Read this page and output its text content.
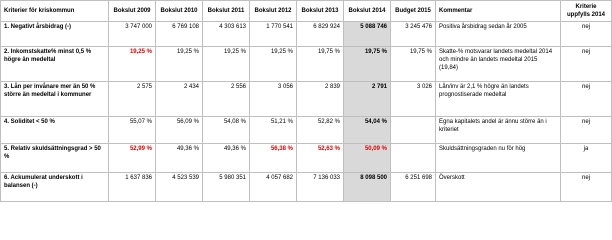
Kriterier för kriskommun	Bokslut 2009	Bokslut 2010	Bokslut 2011	Bokslut 2012	Bokslut 2013	Bokslut 2014	Budget 2015	Kommentar	Kriterie uppfylls 2014
1. Negativt årsbidrag (-)	3 747 000	6 769 108	4 303 613	1 770 541	6 829 924	5 088 746	3 245 476	Positiva årsbidrag sedan år 2005	nej
2. Inkomstskatte% minst 0,5 % högre än medeltal	19,25 %	19,25 %	19,25 %	19,25 %	19,75 %	19,75 %	19,75 %	Skatte-% motsvarar landets medeltal 2014 och mindre än landets medeltal 2015 (19,84)	nej
3. Lån per invånare mer än 50 % större än medeltal i kommuner	2 575	2 434	2 556	3 056	2 839	2 791	3 026	Lån/inv är 2,1 % högre än landets prognostiserade medeltal	nej
4. Soliditet < 50 %	55,07 %	56,09 %	54,08 %	51,21 %	52,82 %	54,04 %		Egna kapitalets andel är ännu större än i kriteriet	nej
5. Relativ skuldsättningsgrad > 50 %	52,99 %	49,36 %	49,36 %	56,38 %	52,63 %	50,09 %		Skuldsättningsgraden nu för hög	ja
6. Ackumulerat underskott i balansen (-)	1 637 836	4 523 539	5 980 351	4 057 682	7 136 033	8 098 500	6 251 698	Överskott	nej
